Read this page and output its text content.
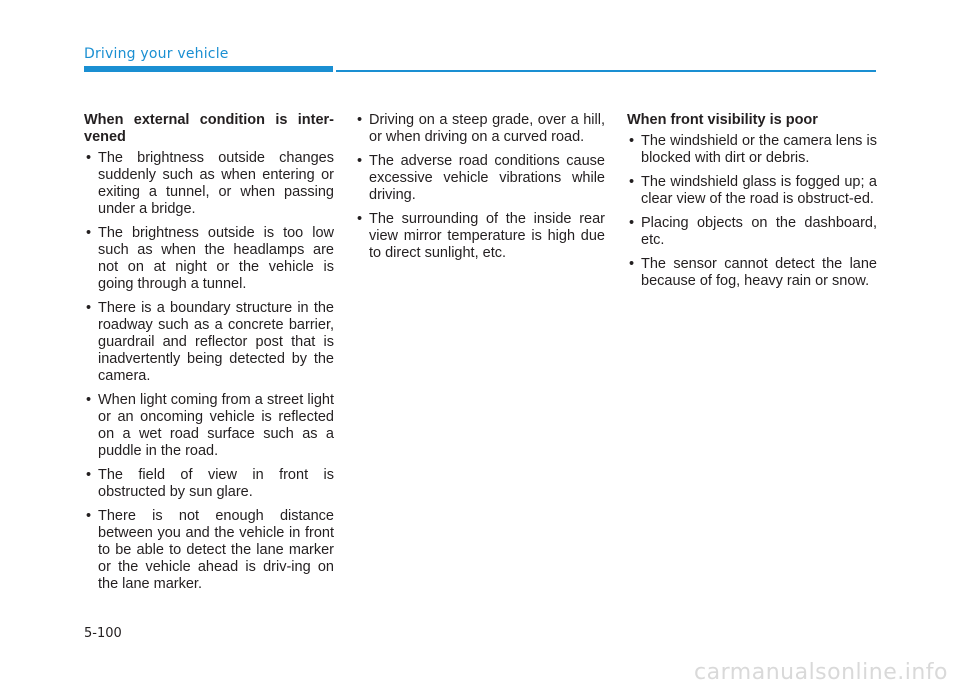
Driving your vehicle
When external condition is inter-vened
• The brightness outside changes suddenly such as when entering or exiting a tunnel, or when passing under a bridge.
• The brightness outside is too low such as when the headlamps are not on at night or the vehicle is going through a tunnel.
• There is a boundary structure in the roadway such as a concrete barrier, guardrail and reflector post that is inadvertently being detected by the camera.
• When light coming from a street light or an oncoming vehicle is reflected on a wet road surface such as a puddle in the road.
• The field of view in front is obstructed by sun glare.
• There is not enough distance between you and the vehicle in front to be able to detect the lane marker or the vehicle ahead is driv-ing on the lane marker.
• Driving on a steep grade, over a hill, or when driving on a curved road.
• The adverse road conditions cause excessive vehicle vibrations while driving.
• The surrounding of the inside rear view mirror temperature is high due to direct sunlight, etc.
When front visibility is poor
• The windshield or the camera lens is blocked with dirt or debris.
• The windshield glass is fogged up; a clear view of the road is obstruct-ed.
• Placing objects on the dashboard, etc.
• The sensor cannot detect the lane because of fog, heavy rain or snow.
5-100
carmanualsonline.info
